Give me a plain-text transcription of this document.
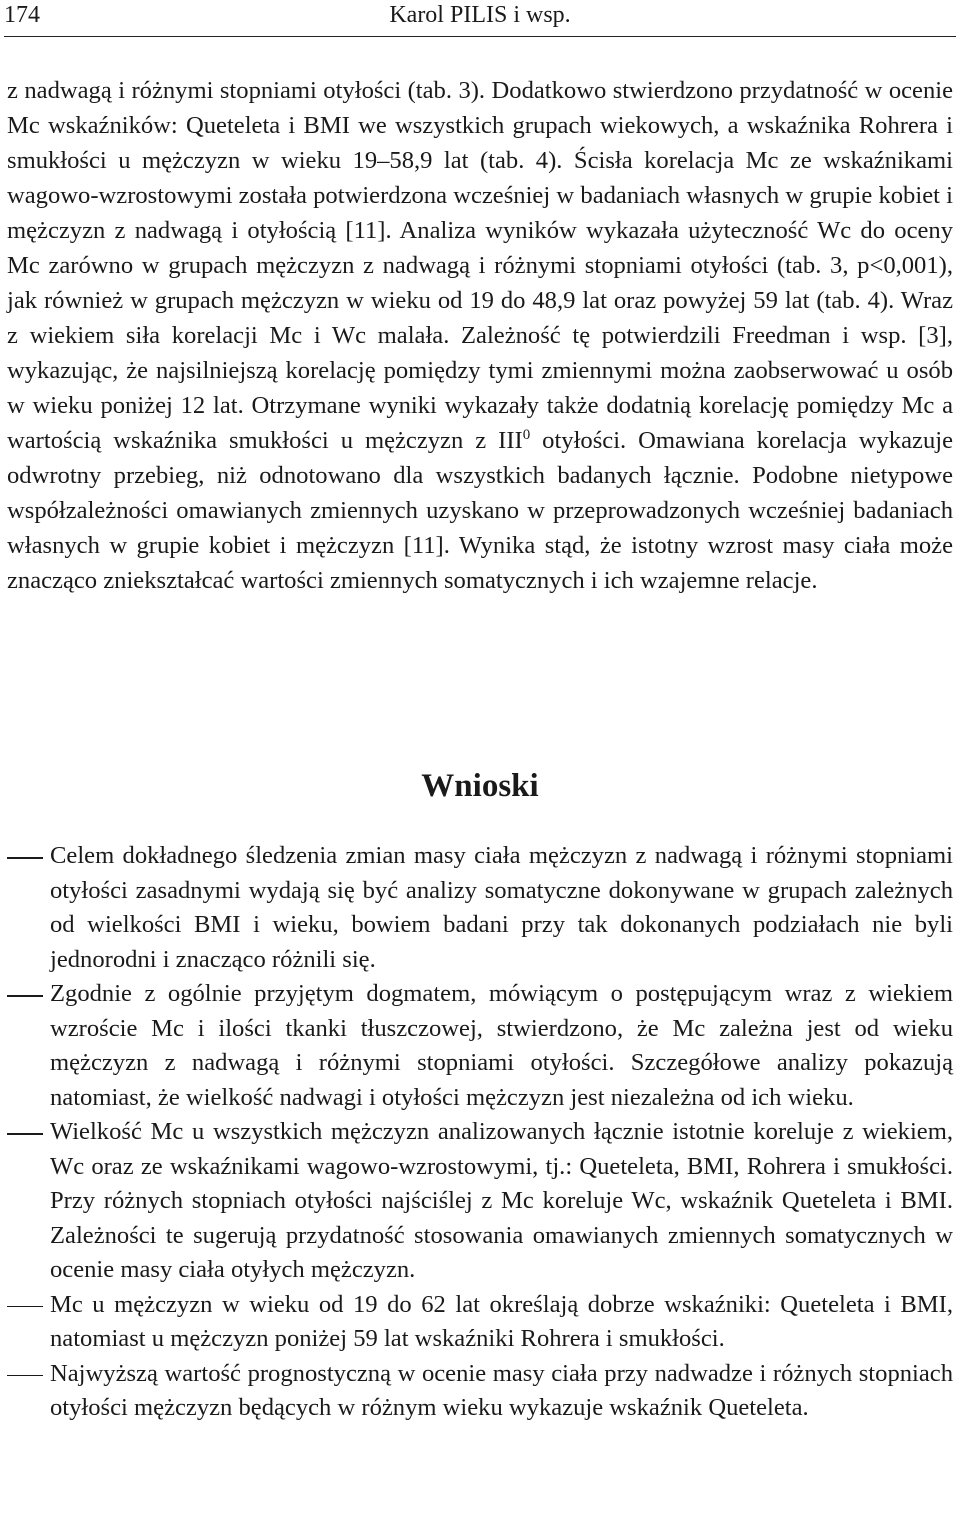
174	Karol PILIS i wsp.

z nadwagą i różnymi stopniami otyłości (tab. 3). Dodatkowo stwierdzono przydatność w ocenie Mc wskaźników: Queteleta i BMI we wszystkich grupach wiekowych, a wskaźnika Rohrera i smukłości u mężczyzn w wieku 19–58,9 lat (tab. 4). Ścisła korelacja Mc ze wskaźnikami wagowo-wzrostowymi została potwierdzona wcześniej w badaniach własnych w grupie kobiet i mężczyzn z nadwagą i otyłością [11]. Analiza wyników wykazała użyteczność Wc do oceny Mc zarówno w grupach mężczyzn z nadwagą i różnymi stopniami otyłości (tab. 3, p<0,001), jak również w grupach mężczyzn w wieku od 19 do 48,9 lat oraz powyżej 59 lat (tab. 4). Wraz z wiekiem siła korelacji Mc i Wc malała. Zależność tę potwierdzili Freedman i wsp. [3], wykazując, że najsilniejszą korelację pomiędzy tymi zmiennymi można zaobserwować u osób w wieku poniżej 12 lat. Otrzymane wyniki wykazały także dodatnią korelację pomiędzy Mc a wartością wskaźnika smukłości u mężczyzn z III$^0$ otyłości. Omawiana korelacja wykazuje odwrotny przebieg, niż odnotowano dla wszystkich badanych łącznie. Podobne nietypowe współzależności omawianych zmiennych uzyskano w przeprowadzonych wcześniej badaniach własnych w grupie kobiet i mężczyzn [11]. Wynika stąd, że istotny wzrost masy ciała może znacząco zniekształcać wartości zmiennych somatycznych i ich wzajemne relacje.

Wnioski
Celem dokładnego śledzenia zmian masy ciała mężczyzn z nadwagą i różnymi stopniami otyłości zasadnymi wydają się być analizy somatyczne dokonywane w grupach zależnych od wielkości BMI i wieku, bowiem badani przy tak dokonanych podziałach nie byli jednorodni i znacząco różnili się.
Zgodnie z ogólnie przyjętym dogmatem, mówiącym o postępującym wraz z wiekiem wzroście Mc i ilości tkanki tłuszczowej, stwierdzono, że Mc zależna jest od wieku mężczyzn z nadwagą i różnymi stopniami otyłości. Szczegółowe analizy pokazują natomiast, że wielkość nadwagi i otyłości mężczyzn jest niezależna od ich wieku.
Wielkość Mc u wszystkich mężczyzn analizowanych łącznie istotnie koreluje z wiekiem, Wc oraz ze wskaźnikami wagowo-wzrostowymi, tj.: Queteleta, BMI, Rohrera i smukłości. Przy różnych stopniach otyłości najściślej z Mc koreluje Wc, wskaźnik Queteleta i BMI. Zależności te sugerują przydatność stosowania omawianych zmiennych somatycznych w ocenie masy ciała otyłych mężczyzn.
Mc u mężczyzn w wieku od 19 do 62 lat określają dobrze wskaźniki: Queteleta i BMI, natomiast u mężczyzn poniżej 59 lat wskaźniki Rohrera i smukłości.
Najwyższą wartość prognostyczną w ocenie masy ciała przy nadwadze i różnych stopniach otyłości mężczyzn będących w różnym wieku wykazuje wskaźnik Queteleta.
